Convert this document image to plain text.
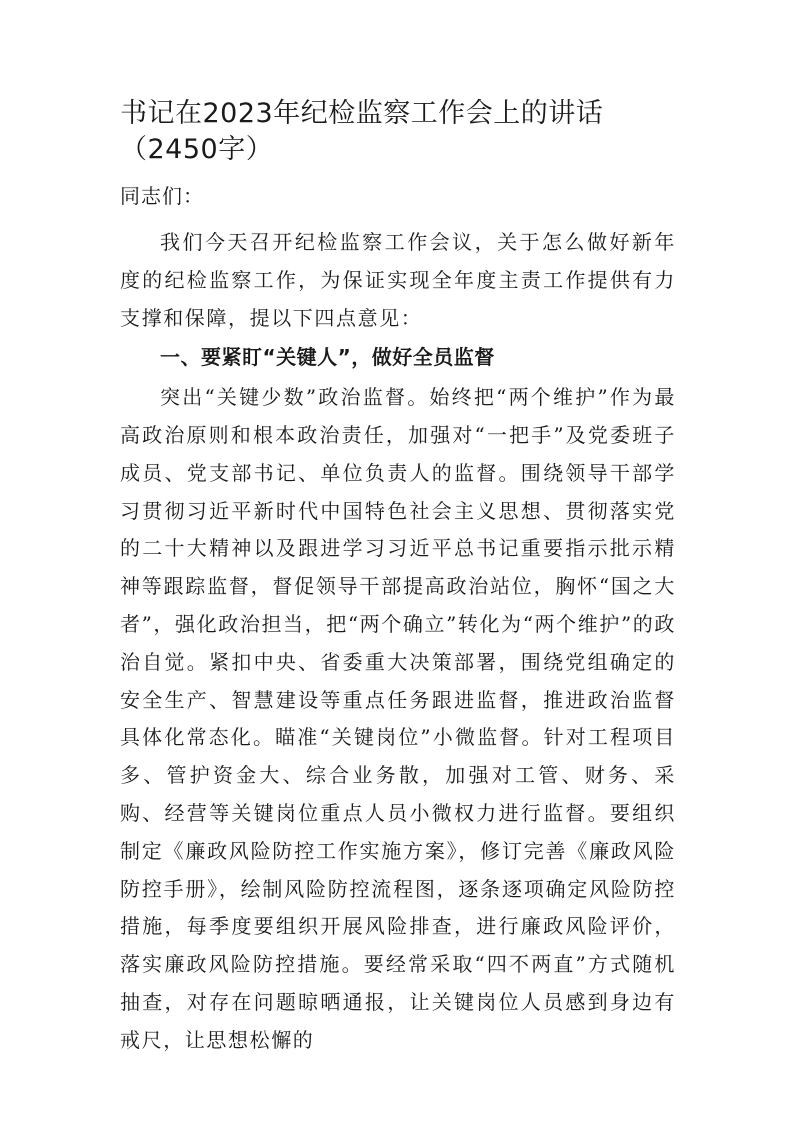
书记在2023年纪检监察工作会上的讲话
（2450字）

同志们：

我们今天召开纪检监察工作会议，关于怎么做好新年度的纪检监察工作，为保证实现全年度主责工作提供有力支撑和保障，提以下四点意见：

一、要紧盯“关键人”，做好全员监督

突出“关键少数”政治监督。始终把“两个维护”作为最高政治原则和根本政治责任，加强对“一把手”及党委班子成员、党支部书记、单位负责人的监督。围绕领导干部学习贯彻习近平新时代中国特色社会主义思想、贯彻落实党的二十大精神以及跟进学习习近平总书记重要指示批示精神等跟踪监督，督促领导干部提高政治站位，胸怀“国之大者”，强化政治担当，把“两个确立”转化为“两个维护”的政治自觉。紧扣中央、省委重大决策部署，围绕党组确定的安全生产、智慧建设等重点任务跟进监督，推进政治监督具体化常态化。瞄准“关键岗位”小微监督。针对工程项目多、管护资金大、综合业务散，加强对工管、财务、采购、经营等关键岗位重点人员小微权力进行监督。要组织制定《廉政风险防控工作实施方案》，修订完善《廉政风险防控手册》，绘制风险防控流程图，逐条逐项确定风险防控措施，每季度要组织开展风险排查，进行廉政风险评价，落实廉政风险防控措施。要经常采取“四不两直”方式随机抽查，对存在问题晾晒通报，让关键岗位人员感到身边有戒尺，让思想松懈的
